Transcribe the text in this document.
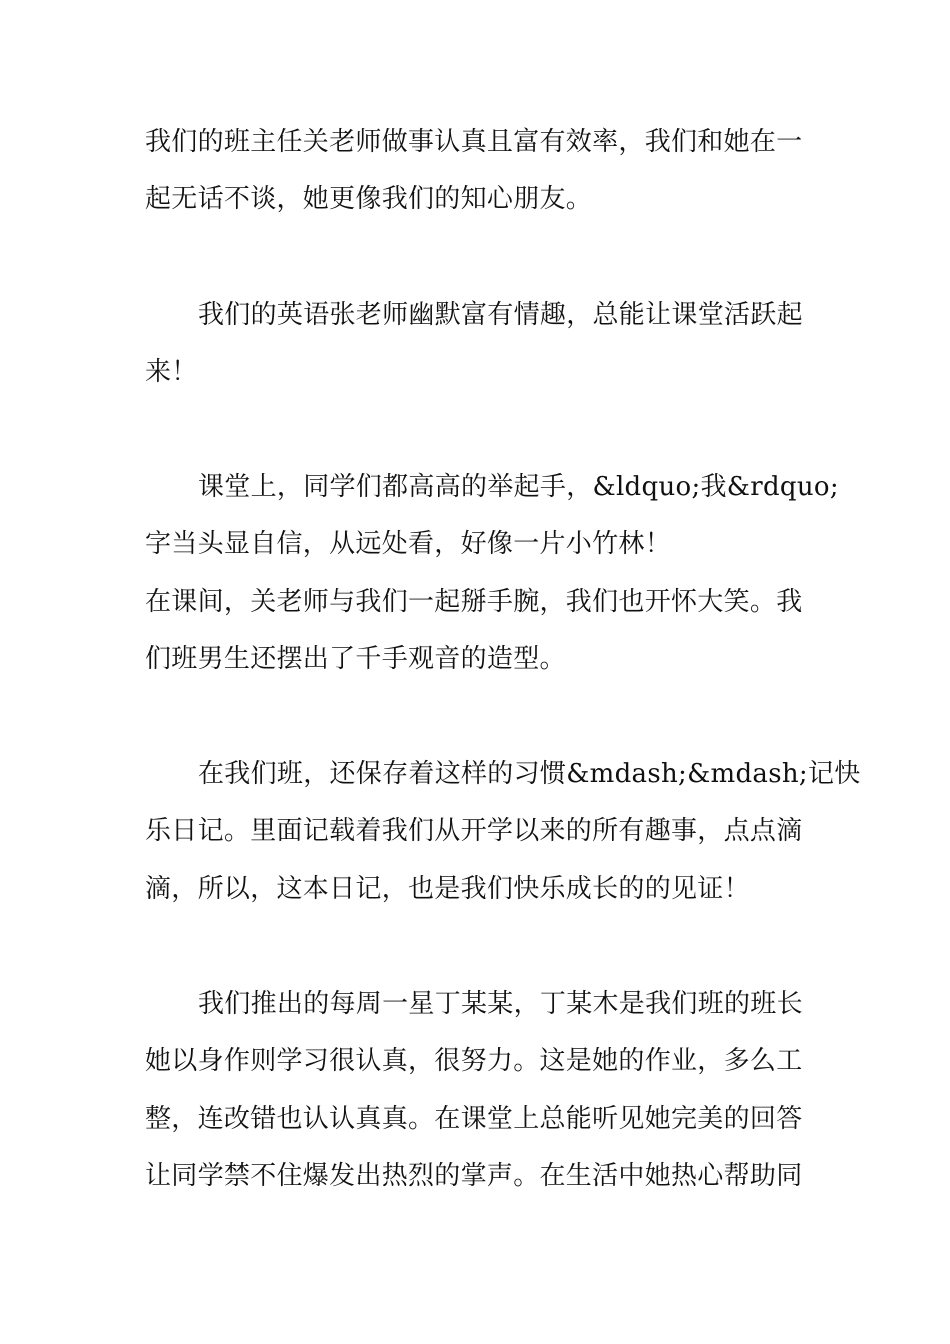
我们的班主任关老师做事认真且富有效率，我们和她在一
起无话不谈，她更像我们的知心朋友。
我们的英语张老师幽默富有情趣，总能让课堂活跃起
来！
课堂上，同学们都高高的举起手，&ldquo;我&rdquo;
字当头显自信，从远处看，好像一片小竹林！
在课间，关老师与我们一起掰手腕，我们也开怀大笑。我
们班男生还摆出了千手观音的造型。
在我们班，还保存着这样的习惯&mdash;&mdash;记快
乐日记。里面记载着我们从开学以来的所有趣事，点点滴
滴，所以，这本日记，也是我们快乐成长的的见证！
我们推出的每周一星丁某某，丁某木是我们班的班长
她以身作则学习很认真，很努力。这是她的作业，多么工
整，连改错也认认真真。在课堂上总能听见她完美的回答
让同学禁不住爆发出热烈的掌声。在生活中她热心帮助同
